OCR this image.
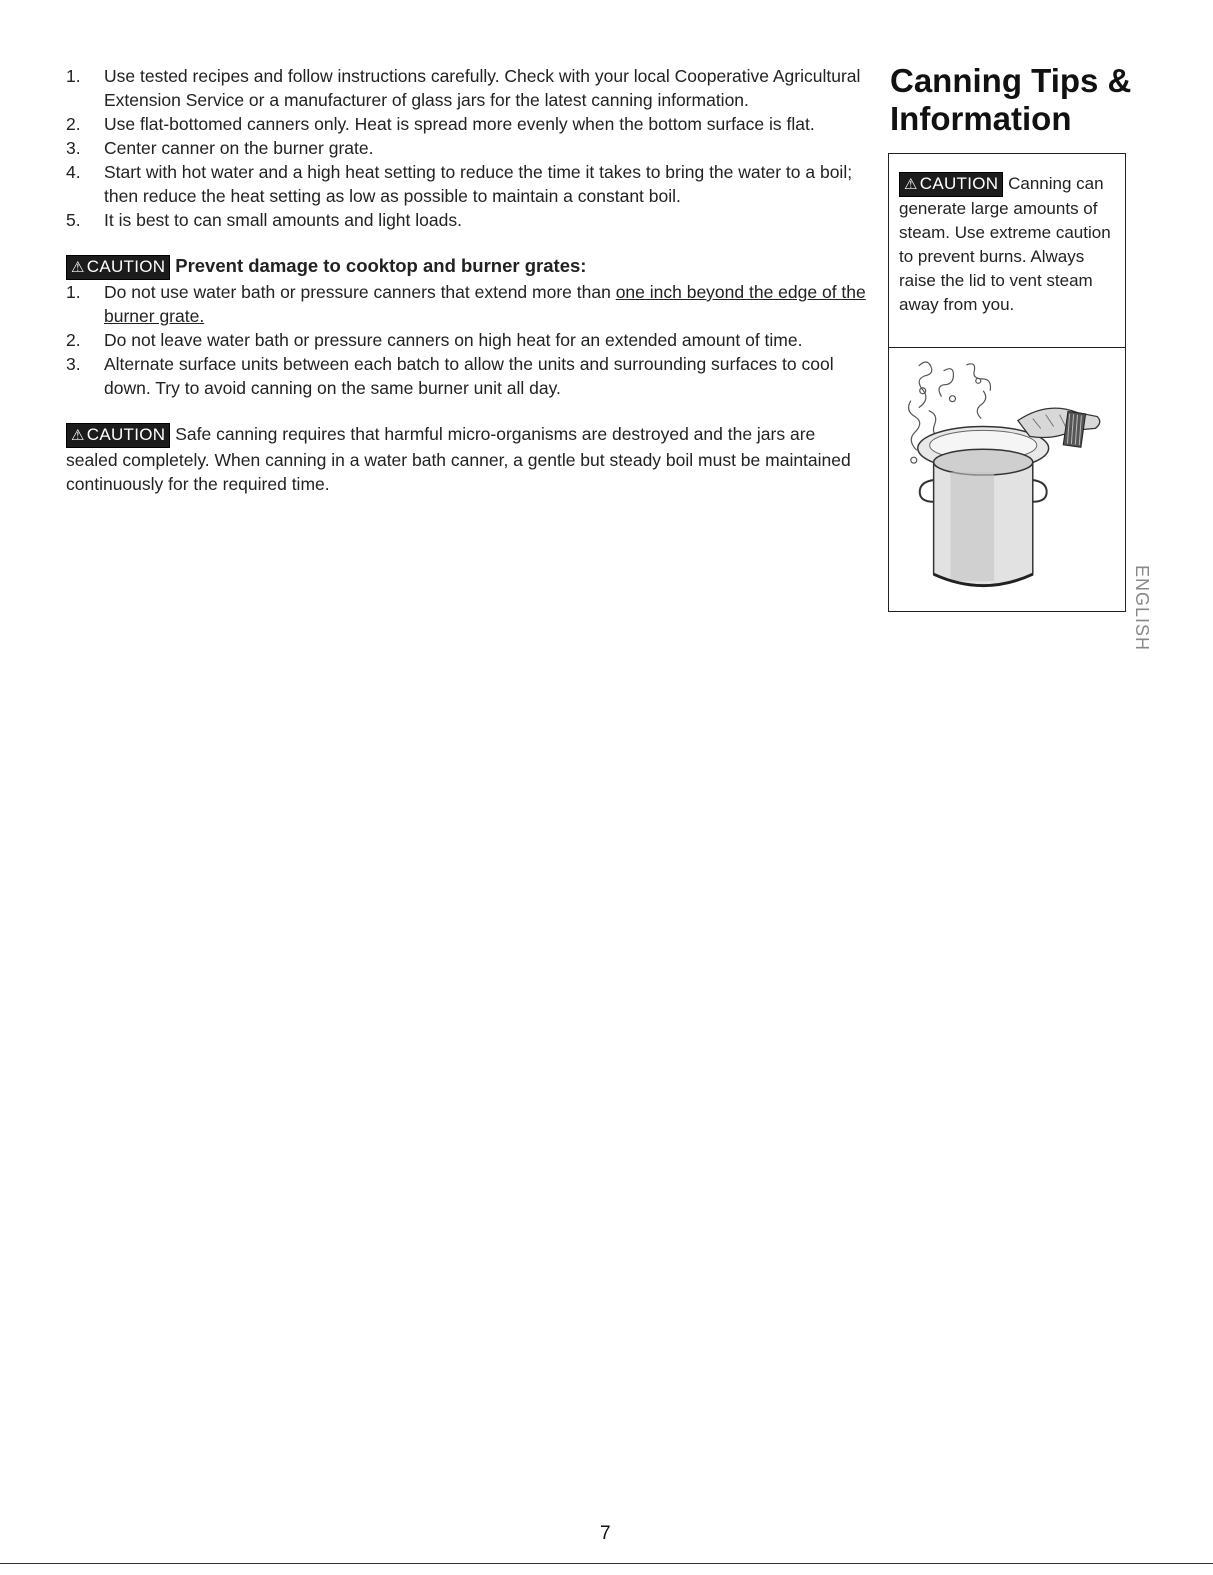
1. Use tested recipes and follow instructions carefully. Check with your local Cooperative Agricultural Extension Service or a manufacturer of glass jars for the latest canning information.
2. Use flat-bottomed canners only. Heat is spread more evenly when the bottom surface is flat.
3. Center canner on the burner grate.
4. Start with hot water and a high heat setting to reduce the time it takes to bring the water to a boil; then reduce the heat setting as low as possible to maintain a constant boil.
5. It is best to can small amounts and light loads.
⚠ CAUTION Prevent damage to cooktop and burner grates:
1. Do not use water bath or pressure canners that extend more than one inch beyond the edge of the burner grate.
2. Do not leave water bath or pressure canners on high heat for an extended amount of time.
3. Alternate surface units between each batch to allow the units and surrounding surfaces to cool down. Try to avoid canning on the same burner unit all day.
⚠ CAUTION Safe canning requires that harmful micro-organisms are destroyed and the jars are sealed completely. When canning in a water bath canner, a gentle but steady boil must be maintained continuously for the required time.
Canning Tips & Information
⚠ CAUTION Canning can generate large amounts of steam. Use extreme caution to prevent burns. Always raise the lid to vent steam away from you.
ENGLISH
7
